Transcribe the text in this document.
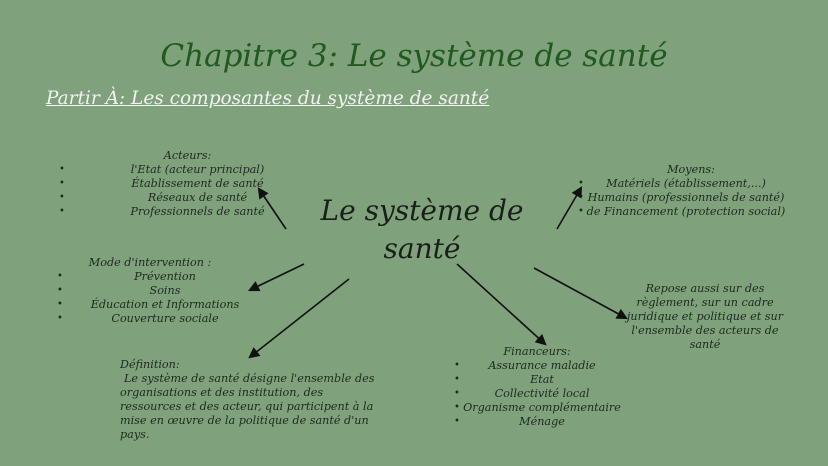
Chapitre 3: Le système de santé
Partir À: Les composantes du système de santé
Le système de
santé
Acteurs:
• l'Etat (acteur principal)
• Établissement de santé
• Réseaux de santé
• Professionnels de santé
Mode d'intervention :
• Prévention
• Soins
• Éducation et Informations
• Couverture sociale
Définition:
Le système de santé désigne l'ensemble des organisations et des institution, des ressources et des acteur, qui participent à la mise en œuvre de la politique de santé d'un pays.
Moyens:
• Matériels (établissement,...)
• Humains (professionnels de santé)
• de Financement (protection social)
Repose aussi sur des règlement, sur un cadre juridique et politique et sur l'ensemble des acteurs de santé
Financeurs:
• Assurance maladie
• Etat
• Collectivité local
• Organisme complémentaire
• Ménage
